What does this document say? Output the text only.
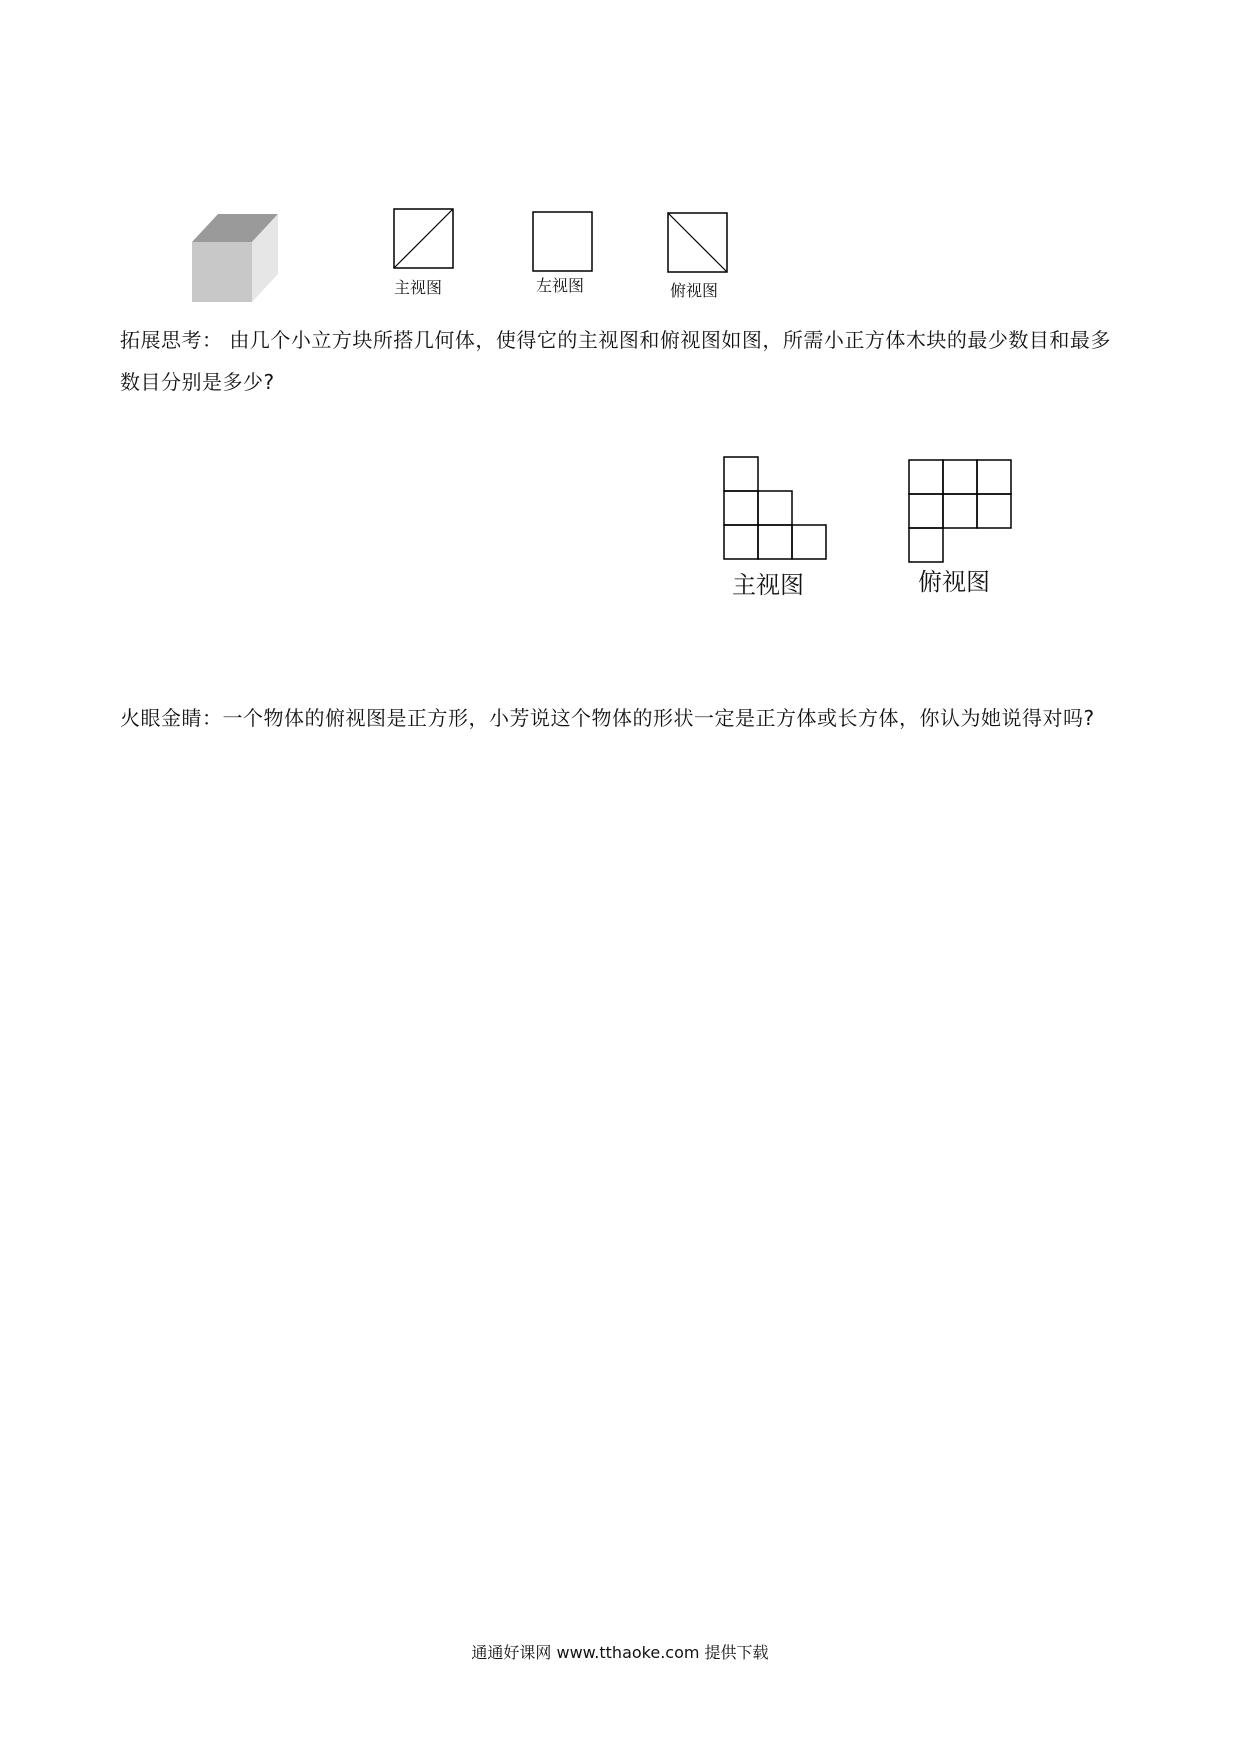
主视图	左视图	俯视图
拓展思考： 由几个小立方块所搭几何体，使得它的主视图和俯视图如图，所需小正方体木块的最少数目和最多数目分别是多少?
主视图	俯视图
火眼金睛：一个物体的俯视图是正方形，小芳说这个物体的形状一定是正方体或长方体，你认为她说得对吗?
通通好课网 www.tthaoke.com 提供下载
